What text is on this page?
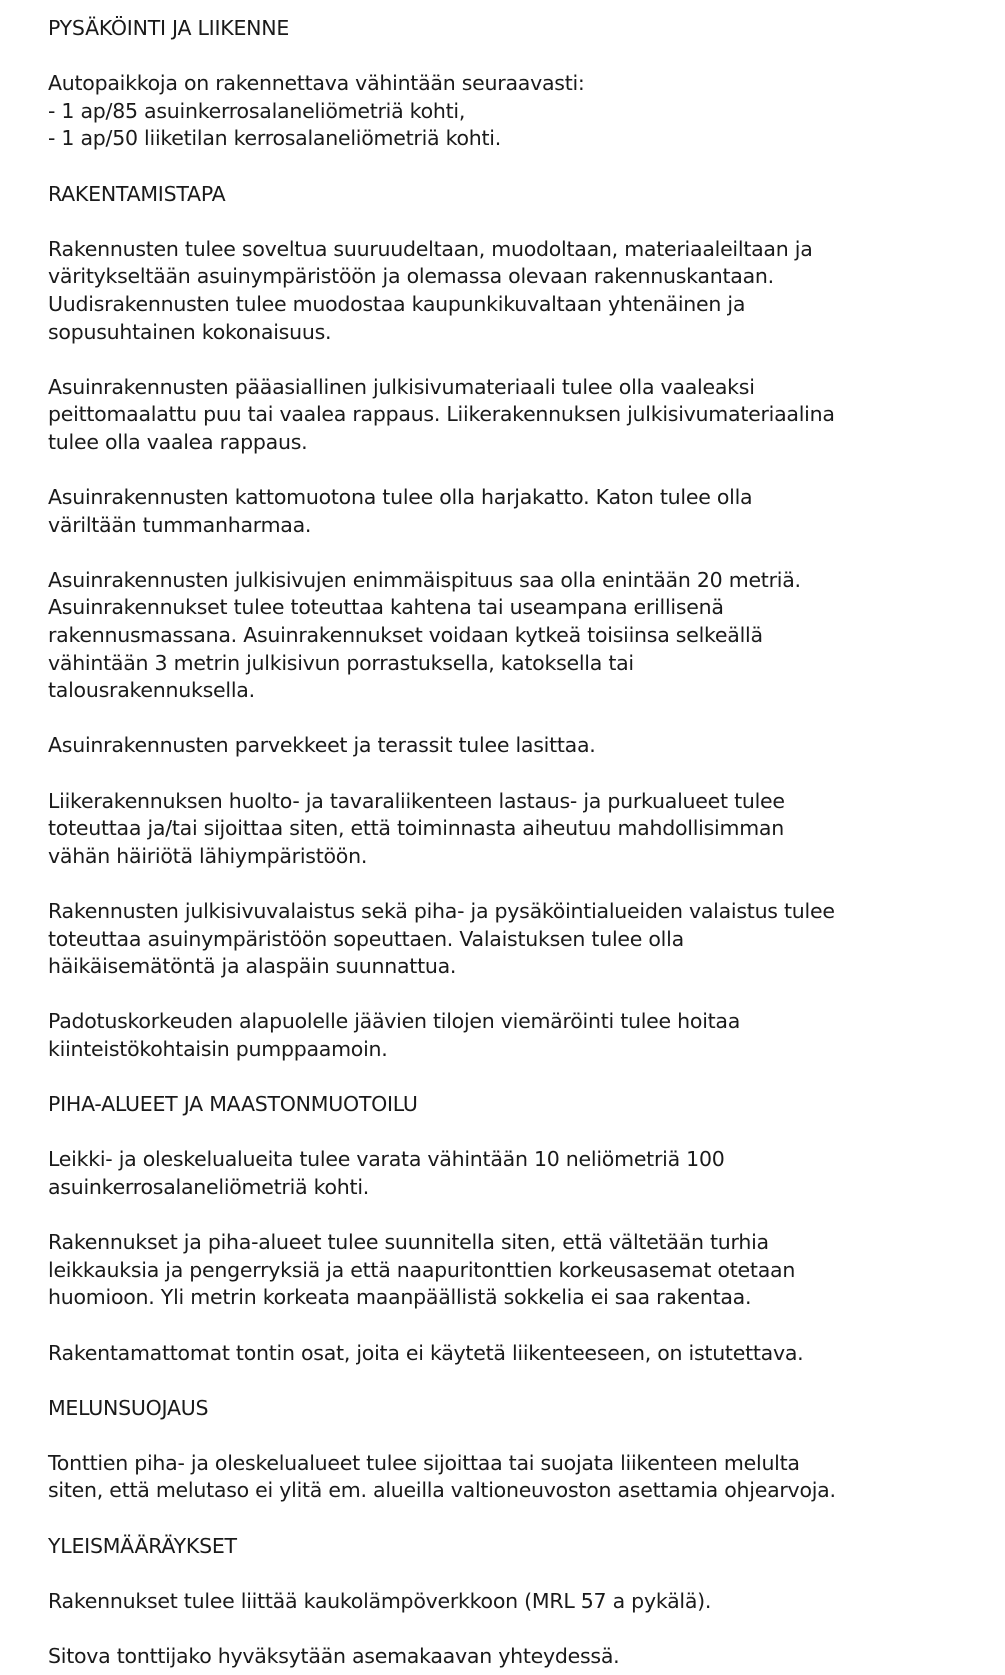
PYSÄKÖINTI JA LIIKENNE
Autopaikkoja on rakennettava vähintään seuraavasti:
- 1 ap/85 asuinkerrosalaneliömetriä kohti,
- 1 ap/50 liiketilan kerrosalaneliömetriä kohti.
RAKENTAMISTAPA
Rakennusten tulee soveltua suuruudeltaan, muodoltaan, materiaaleiltaan ja
väritykseltään asuinympäristöön ja olemassa olevaan rakennuskantaan.
Uudisrakennusten tulee muodostaa kaupunkikuvaltaan yhtenäinen ja
sopusuhtainen kokonaisuus.
Asuinrakennusten pääasiallinen julkisivumateriaali tulee olla vaaleaksi
peittomaalattu puu tai vaalea rappaus. Liikerakennuksen julkisivumateriaalina
tulee olla vaalea rappaus.
Asuinrakennusten kattomuotona tulee olla harjakatto. Katon tulee olla
väriltään tummanharmaa.
Asuinrakennusten julkisivujen enimmäispituus saa olla enintään 20 metriä.
Asuinrakennukset tulee toteuttaa kahtena tai useampana erillisenä
rakennusmassana. Asuinrakennukset voidaan kytkeä toisiinsa selkeällä
vähintään 3 metrin julkisivun porrastuksella, katoksella tai
talousrakennuksella.
Asuinrakennusten parvekkeet ja terassit tulee lasittaa.
Liikerakennuksen huolto- ja tavaraliikenteen lastaus- ja purkualueet tulee
toteuttaa ja/tai sijoittaa siten, että toiminnasta aiheutuu mahdollisimman
vähän häiriötä lähiympäristöön.
Rakennusten julkisivuvalaistus sekä piha- ja pysäköintialueiden valaistus tulee
toteuttaa asuinympäristöön sopeuttaen. Valaistuksen tulee olla
häikäisemätöntä ja alaspäin suunnattua.
Padotuskorkeuden alapuolelle jäävien tilojen viemäröinti tulee hoitaa
kiinteistökohtaisin pumppaamoin.
PIHA-ALUEET JA MAASTONMUOTOILU
Leikki- ja oleskelualueita tulee varata vähintään 10 neliömetriä 100
asuinkerrosalaneliömetriä kohti.
Rakennukset ja piha-alueet tulee suunnitella siten, että vältetään turhia
leikkauksia ja pengerryksiä ja että naapuritonttien korkeusasemat otetaan
huomioon. Yli metrin korkeata maanpäällistä sokkelia ei saa rakentaa.
Rakentamattomat tontin osat, joita ei käytetä liikenteeseen, on istutettava.
MELUNSUOJAUS
Tonttien piha- ja oleskelualueet tulee sijoittaa tai suojata liikenteen melulta
siten, että melutaso ei ylitä em. alueilla valtioneuvoston asettamia ohjearvoja.
YLEISMÄÄRÄYKSET
Rakennukset tulee liittää kaukolämpöverkkoon (MRL 57 a pykälä).
Sitova tonttijako hyväksytään asemakaavan yhteydessä.
